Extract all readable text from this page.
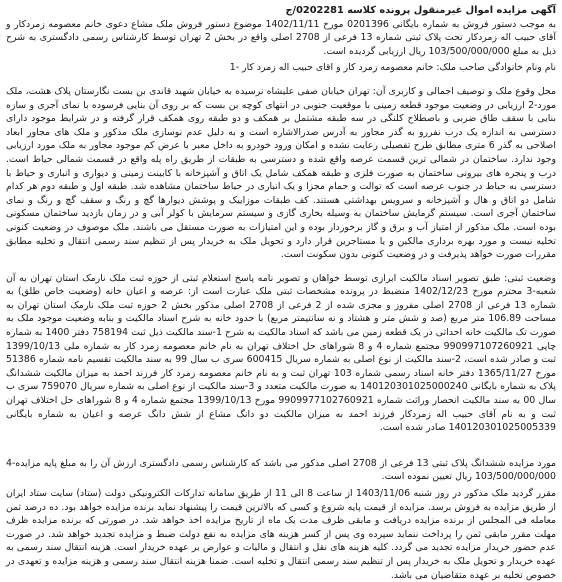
آگهی مزایده اموال غیرمنقول پرونده کلاسه 0202281/ج

به موجب دستور فروش به شماره بایگانی 0201396 مورخ 1402/11/11 موضوع دستور فروش ملک مشاع دعوی خانم معصومه زمردکار و آقای حبیب اله زمردکار تحت پلاک ثبتی شماره 13 فرعی از 2708 اصلی واقع در بخش 2 تهران توسط کارشناس رسمی دادگستری به شرح ذیل به مبلغ 103/500/000/000 ریال ارزیابی گردیده است.

نام ونام خانوادگی صاحب ملک: خانم معصومه زمرد کار و اقای حبیب اله زمرد کار -1

محل وقوع ملک و توصیف اجمالی و کاربری آن: تهران خیابان صفی علیشاه نرسیده به خیابان شهید قاندی بن بست نگارستان پلاک هشت، ملک مورد-2 ارزیابی در وضعیت موجود قطعه زمینی با موقعیت جنوبی در انتهای کوچه بن بست که بر روی آن بنایی فرسوده با نمای آجری و سازه بنایی با سقف طاق ضربی و باصطلاح کلنگی در سه طبقه مشتمل بر همکف و دو طبقه روی همکف قرار گرفته و در شرایط موجود دارای دسترسی به اندازه یک درب نفررو به گذر مجاور به آدرس صدرالاشاره است و به دلیل عدم نوسازی ملک مذکور و ملک های مجاور ابعاد اصلاحی به گذر 6 متری مطابق طرح تفصیلی رعایت نشده و امکان ورود خودرو به داخل معبر با عرض کم موجود مجاور به ملک مورد ارزیابی وجود ندارد. ساختمان در شمالی ترین قسمت عرصه واقع شده و دسترسی به طبقات از طریق راه پله واقع در قسمت شمالی حیاط است. درب و پنجره های بیرونی ساختمان به صورت فلزی و طبقه همکف شامل یک اتاق و آشپزخانه با کابینت زمینی و دیواری و انباری و حیاط با دسترسی به حیاط در جنوب عرصه است که توالت و حمام مجزا و یک انباری در حیاط ساختمان مشاهده شد. طبقه اول و طبقه دوم هر کدام شامل دو اتاق و هال و آشپزخانه و سرویس بهداشتی هستند. کف طبقات موزاییک و پوشش دیوارها گچ و رنگ و سقف گچ و رنگ و نمای ساختمان آجری است. سیستم گرمایش ساختمان به وسیله بخاری گازی و سیستم سرمایش با کولر آبی و در زمان بازدید ساختمان مسکونی بوده است. ملک مذکور از امتیاز آب و برق و گاز برخوردار بوده و این امتیازات به صورت مستقل می باشند. ملک موصوف در وضعیت کنونی تخلیه نیست و مورد بهره برداری مالکین و یا مستاجرین قرار دارد و تحویل ملک به خریدار پس از تنظیم سند رسمی انتقال و تخلیه مطابق مقررات صورت خواهد پذیرفت و در وضعیت کنونی بدون سکونت است.

وضعیت ثبتی: طبق تصویر اسناد مالکیت ابرازی توسط خواهان و تصویر نامه پاسخ استعلام ثبتی از حوزه ثبت ملک نارمک استان تهران به آن شعبه-3 محترم مورخ 1402/12/23 منضبط در پرونده مشخصات ثبتی ملک عبارت است از: عرصه و اعیان خانه (وضعیت خاص طلق) به شماره 13 فرعی از 2708 اصلی مفروز و مجزی شده از 2 فرعی از 2708 اصلی مذکور بخش 2 حوزه ثبت ملک نارمک استان تهران به مساحت 106.89 متر مربع (صد و شش متر و هشتاد و نه سانتیمتر مربع) با حدود خانه به شرح اسناد مالکیت و بنابه وضعیت موجود ملک به صورت تک مالکیت خانه احداثی در یک قطعه زمین می باشد که اسناد مالکیت به شرح 1-سند مالکیت ذیل ثبت 758194 دفتر 1400 به شماره چاپی 990997107260921 مجتمع شماره 4 و 8 شوراهای حل اختلاف تهران به نام خانم معصومه زمرد کار به شماره ملی 1399/10/13 ثبت و صادر شده است، 2-سند مالکیت از نوع اصلی به شماره سریال 600415 سری ب سال 99 به سند مالکیت تقسیم نامه شماره 51386 مورخ 1365/11/27 دفتر خانه اسناد رسمی شماره 103 تهران ثبت و به نام خانم معصومه زمرد کار فرزند احمد به میزان مالکیت ششدانگ پلاک به شماره بایگانی 140120301025000240 به صورت مالکیت متعدد و 3-سند مالکیت از نوع اصلی به شماره سریال 759070 سری ب سال 00 به سند مالکیت انحصار وراثت شماره 9909977102760921 مورخ 1399/10/13 مجتمع شماره 4 و 8 شوراهای حل اختلاف تهران ثبت و به نام آقای حبیب اله زمردکار فرزند احمد به میزان مالکیت دو دانگ مشاع از شش دانگ عرصه و اعیان به شماره بایگانی 140120301025005339 صادر شده است.

مورد مزایده ششدانگ پلاک ثبتی 13 فرعی از 2708 اصلی مذکور می باشد که کارشناس رسمی دادگستری ارزش آن را به مبلغ پایه مزایده-4 103/500/000/000 ریال تعیین نموده است.

مقرر گردید ملک مذکور در روز شنبه 1403/11/06 از ساعت 8 الی 11 از طریق سامانه تدارکات الکترونیکی دولت (ستاد) سایت ستاد ایران از طریق مزایده به فروش برسد. مزایده از قیمت پایه شروع و کسی که بالاترین قیمت را پیشنهاد نماید برنده مزایده خواهد بود. ده درصد ثمن معامله فی المجلس از برنده مزایده دریافت و مابقی ظرف مدت یک ماه از تاریخ مزایده اخذ خواهد شد. در صورتی که برنده مزایده ظرف مهلت مقرر مابقی ثمن را پرداخت ننماید سپرده وی پس از کسر هزینه های مزایده به نفع دولت ضبط و مزایده تجدید خواهد شد. در صورت عدم حضور خریدار مزایده تجدید می گردد. کلیه هزینه های نقل و انتقال و مالیات و عوارض بر عهده خریدار است. هزینه انتقال سند رسمی به عهده خریدار و تحویل ملک به خریدار پس از تنظیم سند رسمی انتقال و تخلیه است. ضمنا هزینه انتقال سند رسمی و هزینه مزایده و تعهدی در خصوص تخلیه بر عهده متقاضیان می باشد.
